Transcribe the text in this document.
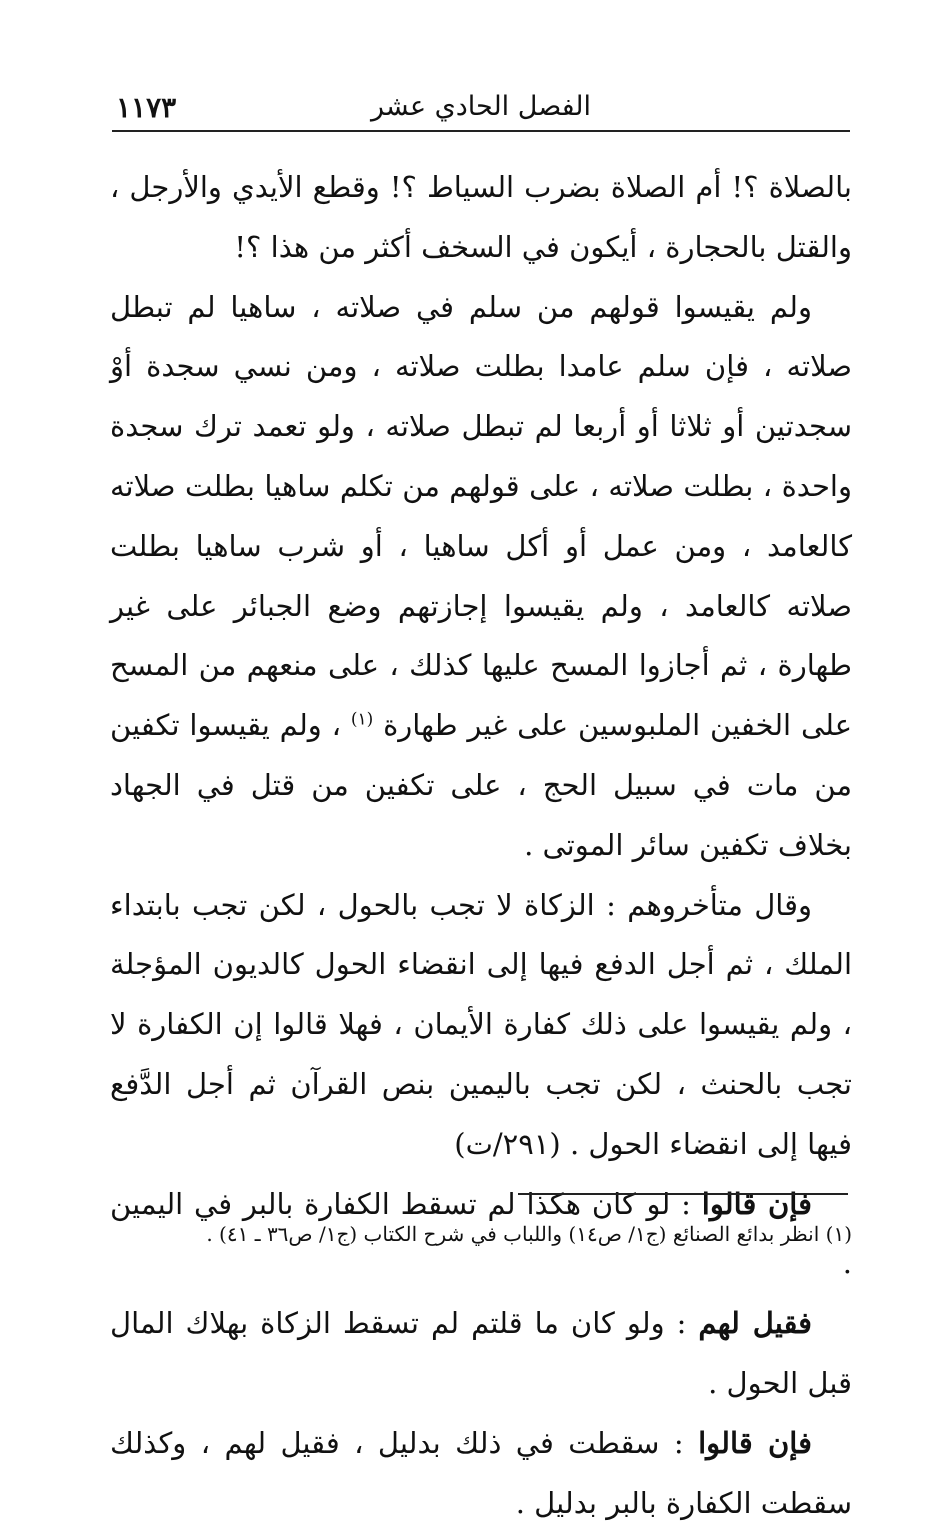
الفصل الحادي عشر
١١٧٣

بالصلاة ؟! أم الصلاة بضرب السياط ؟! وقطع الأيدي والأرجل ، والقتل بالحجارة ، أيكون في السخف أكثر من هذا ؟!

ولم يقيسوا قولهم من سلم في صلاته ، ساهيا لم تبطل صلاته ، فإن سلم عامدا بطلت صلاته ، ومن نسي سجدة أوْ سجدتين أو ثلاثا أو أربعا لم تبطل صلاته ، ولو تعمد ترك سجدة واحدة ، بطلت صلاته ، على قولهم من تكلم ساهيا بطلت صلاته كالعامد ، ومن عمل أو أكل ساهيا ، أو شرب ساهيا بطلت صلاته كالعامد ، ولم يقيسوا إجازتهم وضع الجبائر على غير طهارة ، ثم أجازوا المسح عليها كذلك ، على منعهم من المسح على الخفين الملبوسين على غير طهارة $^{(١)}$ ، ولم يقيسوا تكفين من مات في سبيل الحج ، على تكفين من قتل في الجهاد بخلاف تكفين سائر الموتى .

وقال متأخروهم : الزكاة لا تجب بالحول ، لكن تجب بابتداء الملك ، ثم أجل الدفع فيها إلى انقضاء الحول كالديون المؤجلة ، ولم يقيسوا على ذلك كفارة الأيمان ، فهلا قالوا إن الكفارة لا تجب بالحنث ، لكن تجب باليمين بنص القرآن ثم أجل الدَّفع فيها إلى انقضاء الحول . (٢٩١/ت)

فإن قالوا : لو كان هكذا لم تسقط الكفارة بالبر في اليمين .

فقيل لهم : ولو كان ما قلتم لم تسقط الزكاة بهلاك المال قبل الحول .

فإن قالوا : سقطت في ذلك بدليل ، فقيل لهم ، وكذلك سقطت الكفارة بالبر بدليل .

(١) انظر بدائع الصنائع (ج١/ ص١٤) واللباب في شرح الكتاب (ج١/ ص٣٦ ـ ٤١) .
